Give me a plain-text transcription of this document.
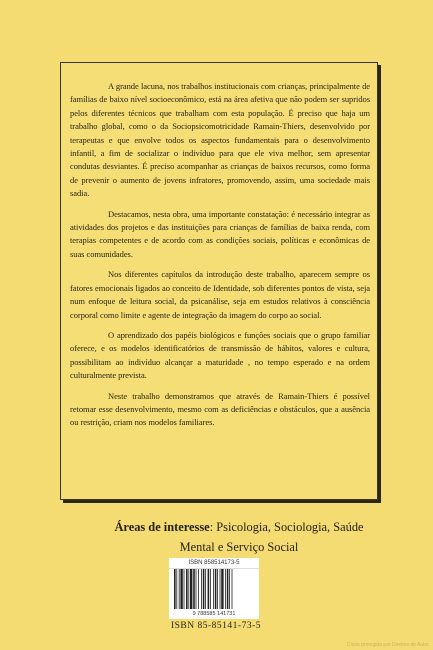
A grande lacuna, nos trabalhos institucionais com crianças, principalmente de famílias de baixo nível socioeconômico, está na área afetiva que não podem ser supridos pelos diferentes técnicos que trabalham com esta população. É preciso que haja um trabalho global, como o da Sociopsicomotricidade Ramain-Thiers, desenvolvido por terapeutas e que envolve todos os aspectos fundamentais para o desenvolvimento infantil, a fim de socializar o indivíduo para que ele viva melhor, sem apresentar condutas desviantes. É preciso acompanhar as crianças de baixos recursos, como forma de prevenir o aumento de jovens infratores, promovendo, assim, uma sociedade mais sadia.

Destacamos, nesta obra, uma importante constatação: é necessário integrar as atividades dos projetos e das instituições para crianças de famílias de baixa renda, com terapias competentes e de acordo com as condições sociais, políticas e econômicas de suas comunidades.

Nos diferentes capítulos da introdução deste trabalho, aparecem sempre os fatores emocionais ligados ao conceito de Identidade, sob diferentes pontos de vista, seja num enfoque de leitura social, da psicanálise, seja em estudos relativos à consciência corporal como limite e agente de integração da imagem do corpo ao social.

O aprendizado dos papéis biológicos e funções sociais que o grupo familiar oferece, e os modelos identificatórios de transmissão de hábitos, valores e cultura, possibilitam ao indivíduo alcançar a maturidade , no tempo esperado e na ordem culturalmente prevista.

Neste trabalho demonstramos que através de Ramain-Thiers é possível retomar esse desenvolvimento, mesmo com as deficiências e obstáculos, que a ausência ou restrição, criam nos modelos familiares.

Áreas de interesse: Psicologia, Sociologia, Saúde Mental e Serviço Social
ISBN 858514173-5
9 788585 141731
ISBN 85-85141-73-5
Cópia protegida por Direitos de Autor
